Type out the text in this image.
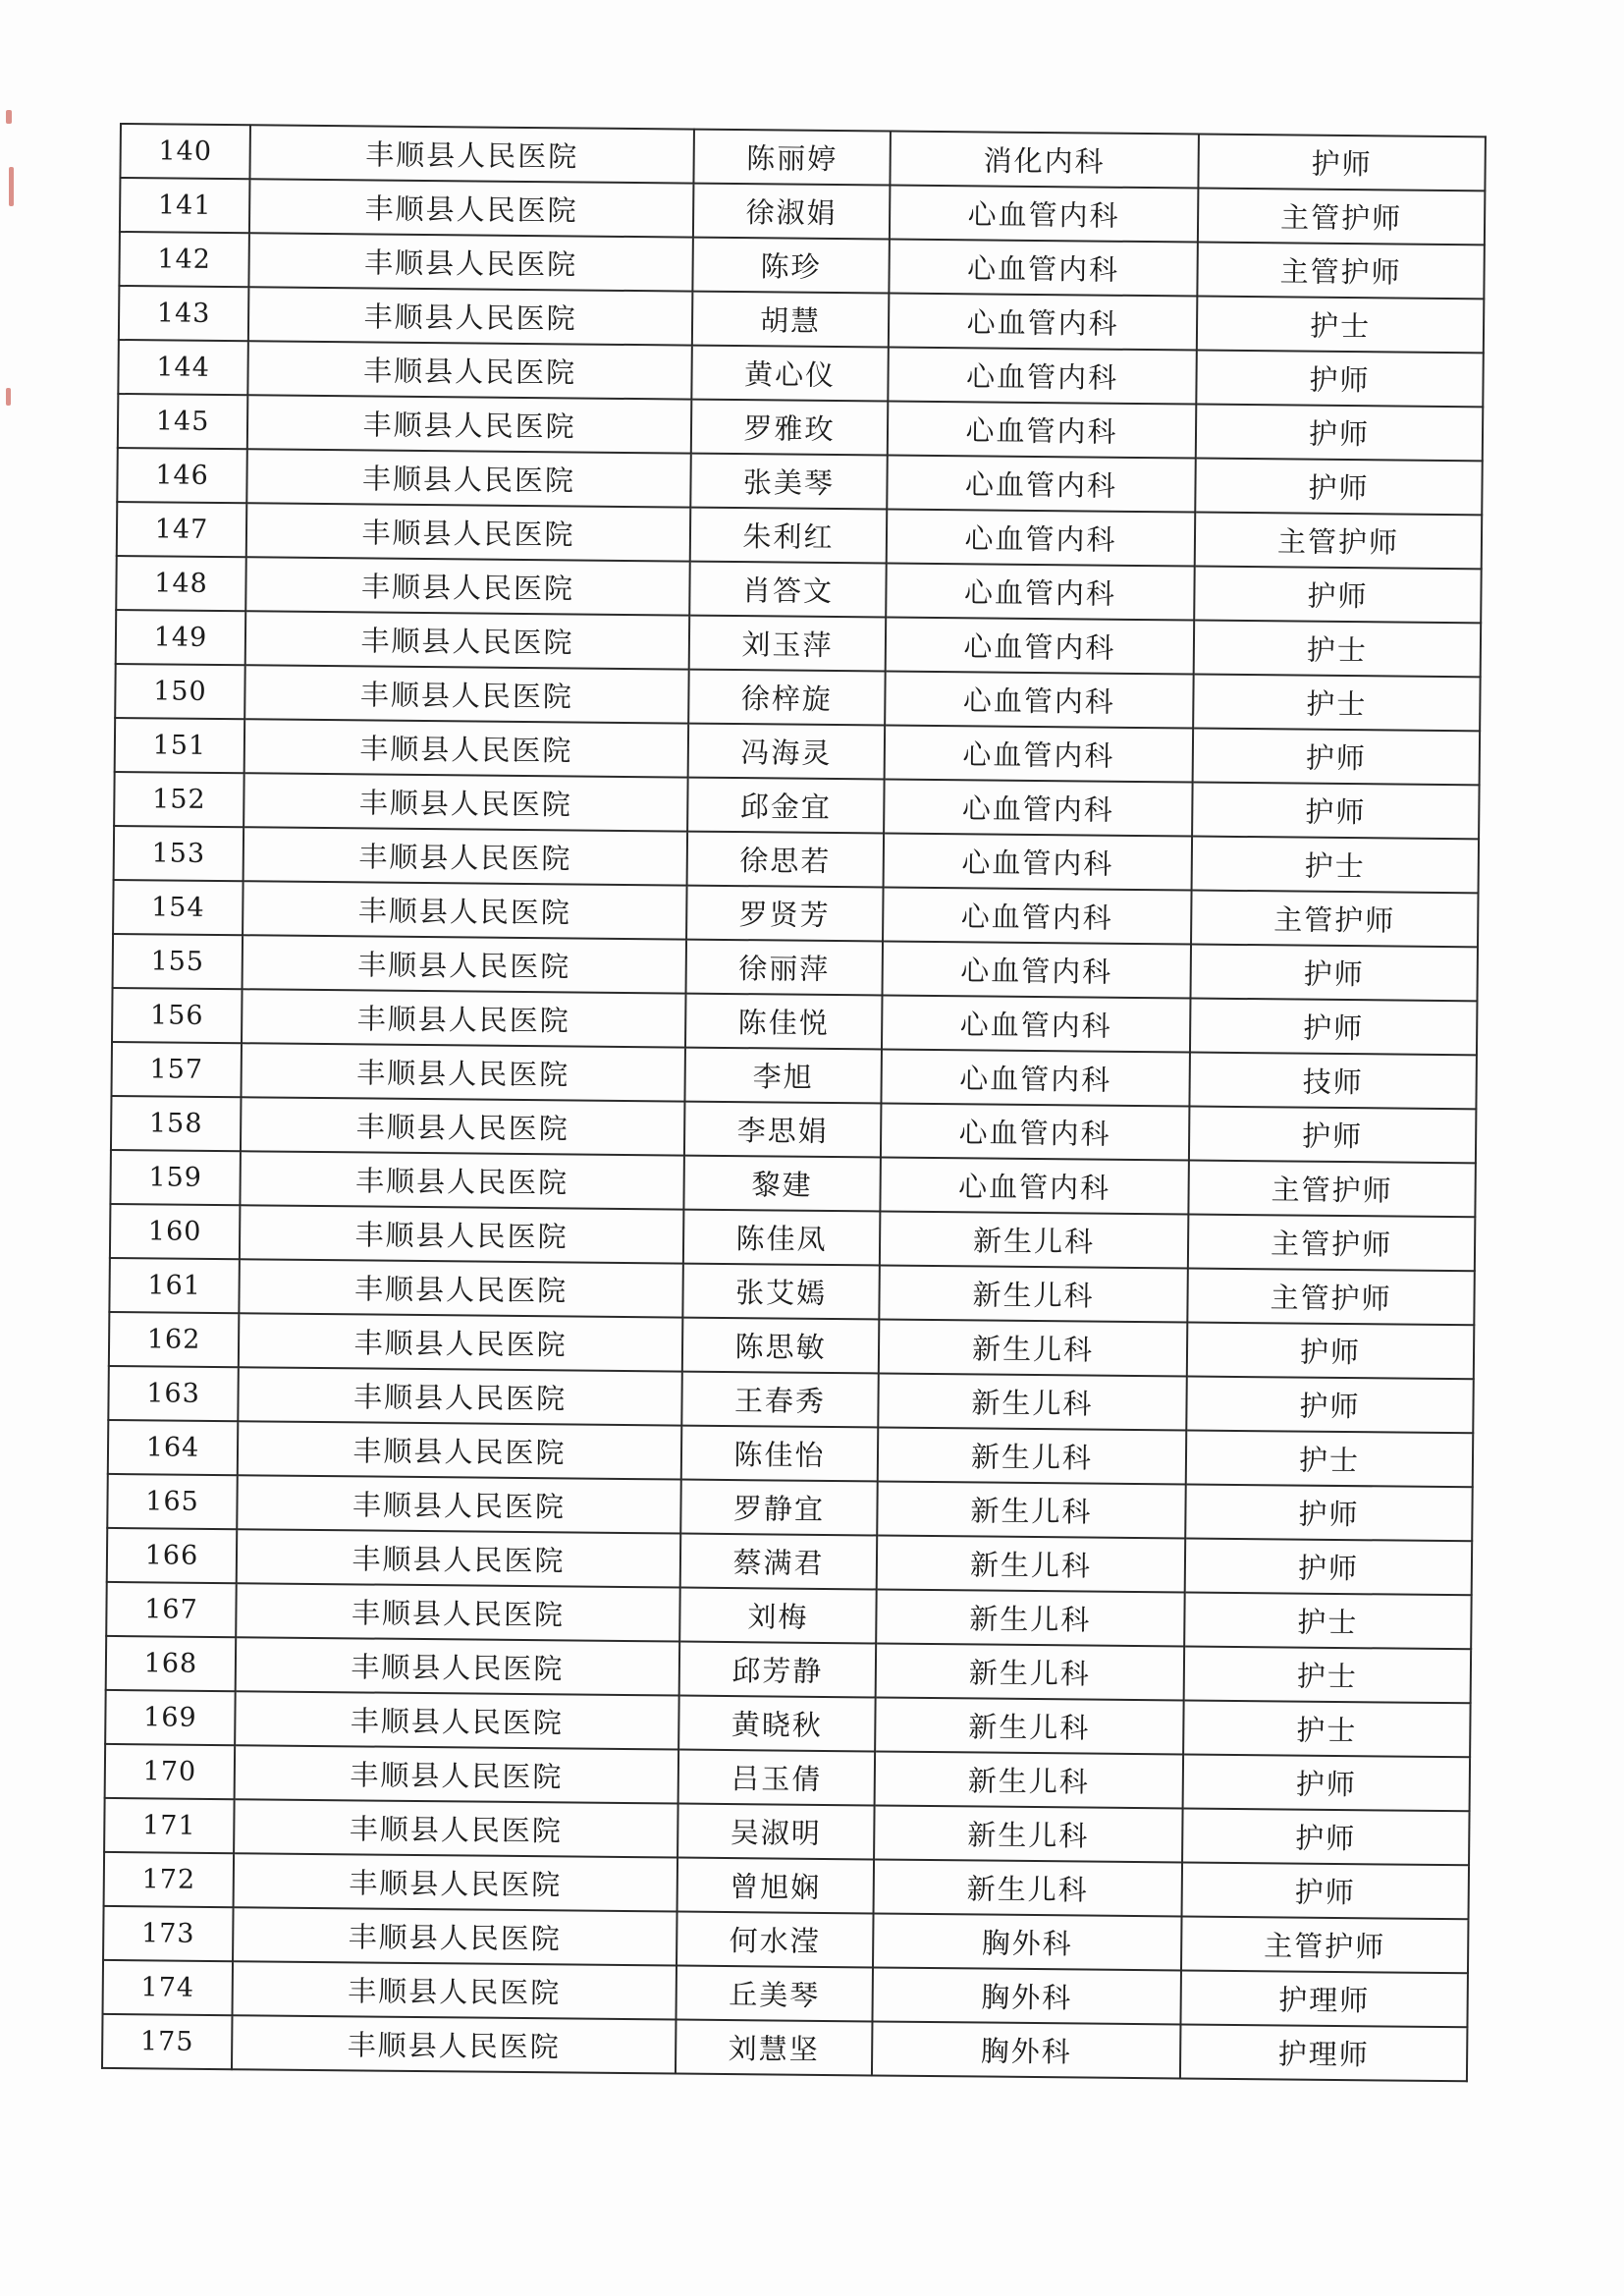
140	丰顺县人民医院	陈丽婷	消化内科	护师
141	丰顺县人民医院	徐淑娟	心血管内科	主管护师
142	丰顺县人民医院	陈珍	心血管内科	主管护师
143	丰顺县人民医院	胡慧	心血管内科	护士
144	丰顺县人民医院	黄心仪	心血管内科	护师
145	丰顺县人民医院	罗雅玫	心血管内科	护师
146	丰顺县人民医院	张美琴	心血管内科	护师
147	丰顺县人民医院	朱利红	心血管内科	主管护师
148	丰顺县人民医院	肖答文	心血管内科	护师
149	丰顺县人民医院	刘玉萍	心血管内科	护士
150	丰顺县人民医院	徐梓旋	心血管内科	护士
151	丰顺县人民医院	冯海灵	心血管内科	护师
152	丰顺县人民医院	邱金宜	心血管内科	护师
153	丰顺县人民医院	徐思若	心血管内科	护士
154	丰顺县人民医院	罗贤芳	心血管内科	主管护师
155	丰顺县人民医院	徐丽萍	心血管内科	护师
156	丰顺县人民医院	陈佳悦	心血管内科	护师
157	丰顺县人民医院	李旭	心血管内科	技师
158	丰顺县人民医院	李思娟	心血管内科	护师
159	丰顺县人民医院	黎建	心血管内科	主管护师
160	丰顺县人民医院	陈佳凤	新生儿科	主管护师
161	丰顺县人民医院	张艾嫣	新生儿科	主管护师
162	丰顺县人民医院	陈思敏	新生儿科	护师
163	丰顺县人民医院	王春秀	新生儿科	护师
164	丰顺县人民医院	陈佳怡	新生儿科	护士
165	丰顺县人民医院	罗静宜	新生儿科	护师
166	丰顺县人民医院	蔡满君	新生儿科	护师
167	丰顺县人民医院	刘梅	新生儿科	护士
168	丰顺县人民医院	邱芳静	新生儿科	护士
169	丰顺县人民医院	黄晓秋	新生儿科	护士
170	丰顺县人民医院	吕玉倩	新生儿科	护师
171	丰顺县人民医院	吴淑明	新生儿科	护师
172	丰顺县人民医院	曾旭娴	新生儿科	护师
173	丰顺县人民医院	何水滢	胸外科	主管护师
174	丰顺县人民医院	丘美琴	胸外科	护理师
175	丰顺县人民医院	刘慧坚	胸外科	护理师
